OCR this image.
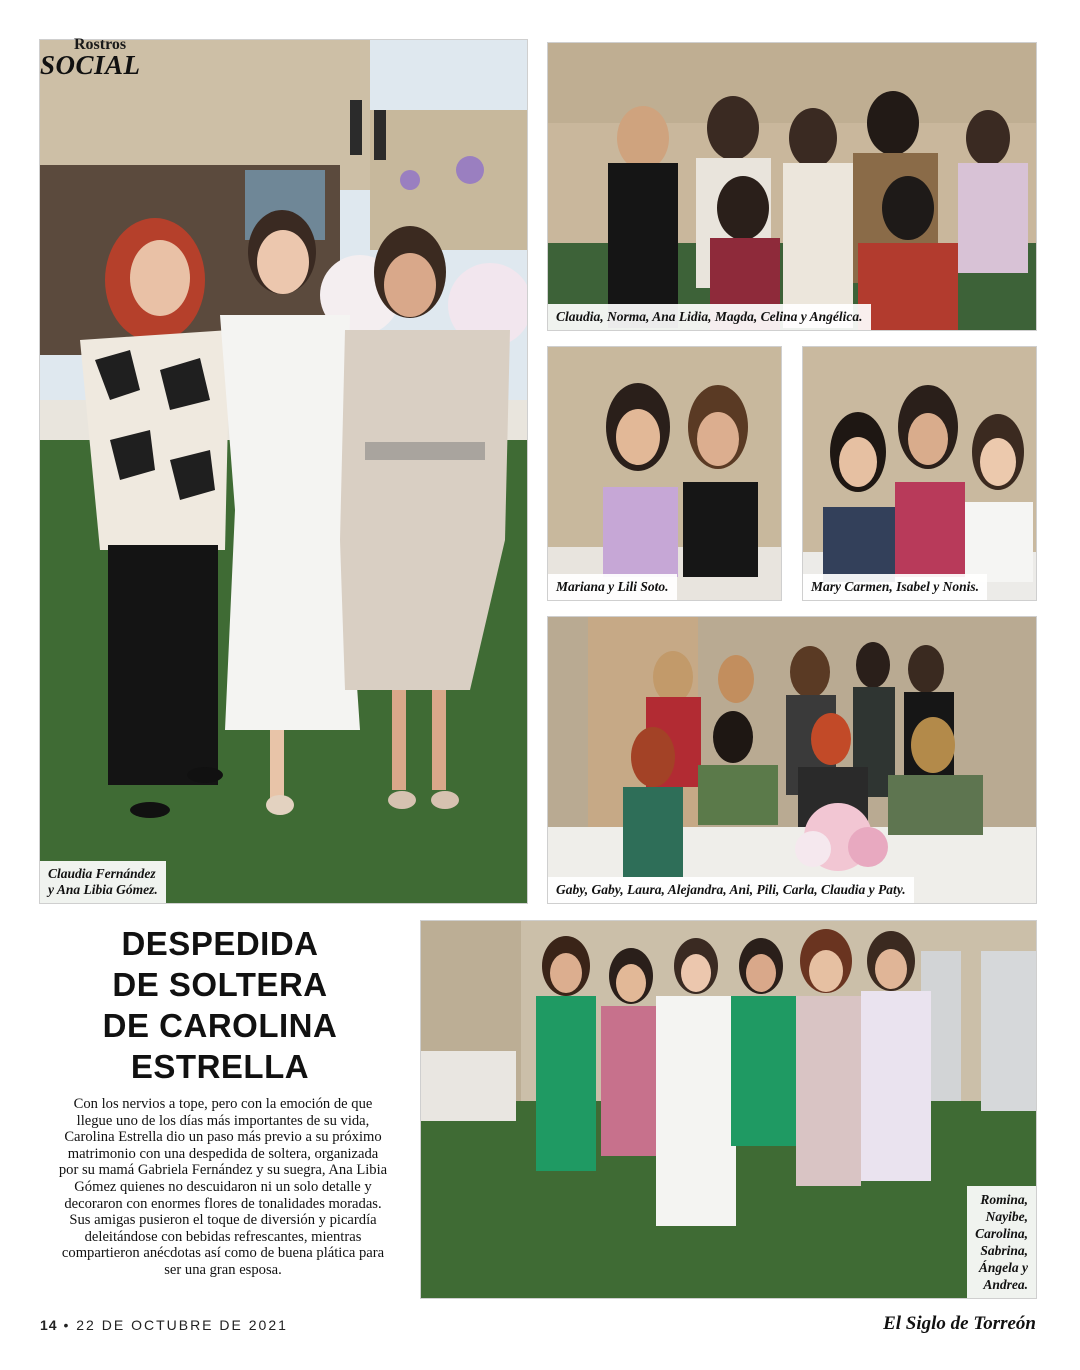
Claudia Fernández
y Ana Libia Gómez.
Rostros
SOCIAL
Claudia, Norma, Ana Lidia, Magda, Celina y Angélica.
Mariana y Lili Soto.	Mary Carmen, Isabel y Nonis.
Gaby, Gaby, Laura, Alejandra, Ani, Pili, Carla, Claudia y Paty.
DESPEDIDA
DE SOLTERA
DE CAROLINA
ESTRELLA
Con los nervios a tope, pero con la emoción de que llegue uno de los días más importantes de su vida, Carolina Estrella dio un paso más previo a su próximo matrimonio con una despedida de soltera, organizada por su mamá Gabriela Fernández y su suegra, Ana Libia Gómez quienes no descuidaron ni un solo detalle y decoraron con enormes flores de tonalidades moradas. Sus amigas pusieron el toque de diversión y picardía deleitándose con bebidas refrescantes, mientras compartieron anécdotas así como de buena plática para ser una gran esposa.
Romina,
Nayibe,
Carolina,
Sabrina,
Ángela y
Andrea.
14 • 22 DE OCTUBRE DE 2021	El Siglo de Torreón
